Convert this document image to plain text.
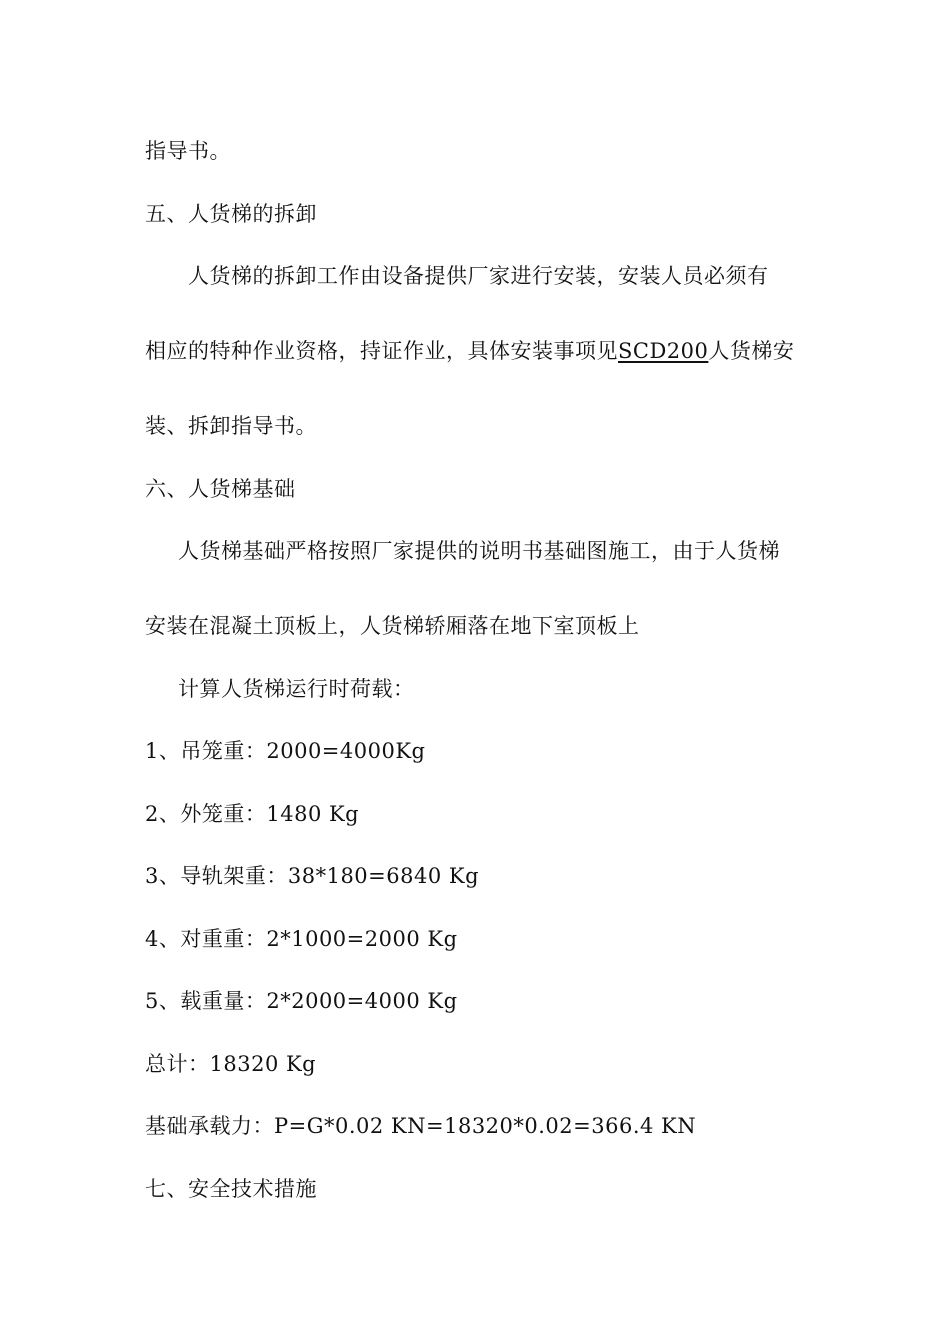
指导书。
五、人货梯的拆卸
人货梯的拆卸工作由设备提供厂家进行安装，安装人员必须有
相应的特种作业资格，持证作业，具体安装事项见SCD200人货梯安
装、拆卸指导书。
六、人货梯基础
人货梯基础严格按照厂家提供的说明书基础图施工，由于人货梯
安装在混凝土顶板上，人货梯轿厢落在地下室顶板上
计算人货梯运行时荷载：
1、吊笼重：2000=4000Kg
2、外笼重：1480 Kg
3、导轨架重：38*180=6840 Kg
4、对重重：2*1000=2000 Kg
5、载重量：2*2000=4000 Kg
总计：18320 Kg
基础承载力：P=G*0.02 KN=18320*0.02=366.4 KN
七、安全技术措施
